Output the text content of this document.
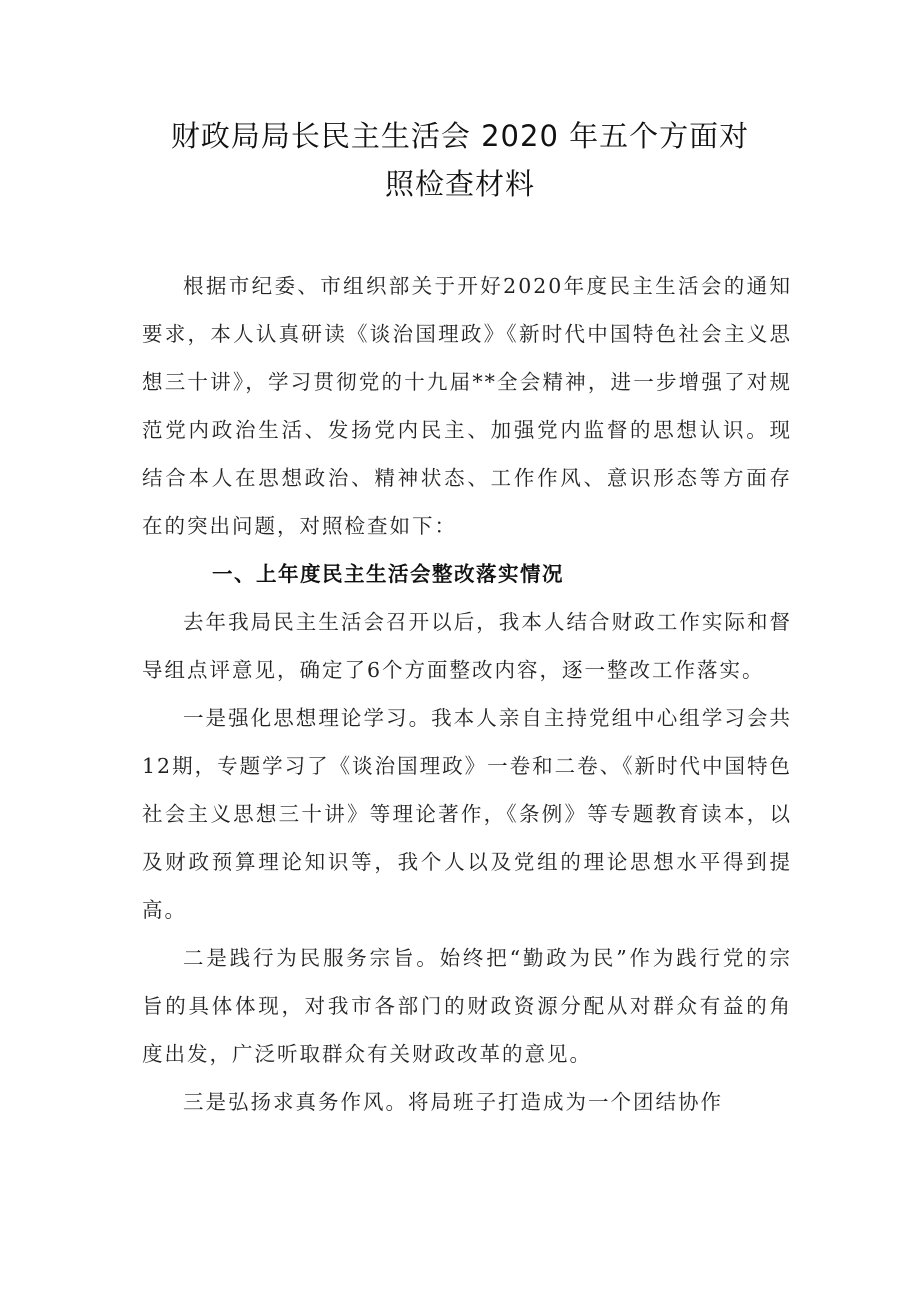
财政局局长民主生活会 2020 年五个方面对
照检查材料

根据市纪委、市组织部关于开好2020年度民主生活会的通知要求，本人认真研读《谈治国理政》《新时代中国特色社会主义思想三十讲》，学习贯彻党的十九届**全会精神，进一步增强了对规范党内政治生活、发扬党内民主、加强党内监督的思想认识。现结合本人在思想政治、精神状态、工作作风、意识形态等方面存在的突出问题，对照检查如下：

一、上年度民主生活会整改落实情况

去年我局民主生活会召开以后，我本人结合财政工作实际和督导组点评意见，确定了6个方面整改内容，逐一整改工作落实。

一是强化思想理论学习。我本人亲自主持党组中心组学习会共12期，专题学习了《谈治国理政》一卷和二卷、《新时代中国特色社会主义思想三十讲》等理论著作，《条例》等专题教育读本，以及财政预算理论知识等，我个人以及党组的理论思想水平得到提高。

二是践行为民服务宗旨。始终把“勤政为民”作为践行党的宗旨的具体体现，对我市各部门的财政资源分配从对群众有益的角度出发，广泛听取群众有关财政改革的意见。

三是弘扬求真务作风。将局班子打造成为一个团结协作
